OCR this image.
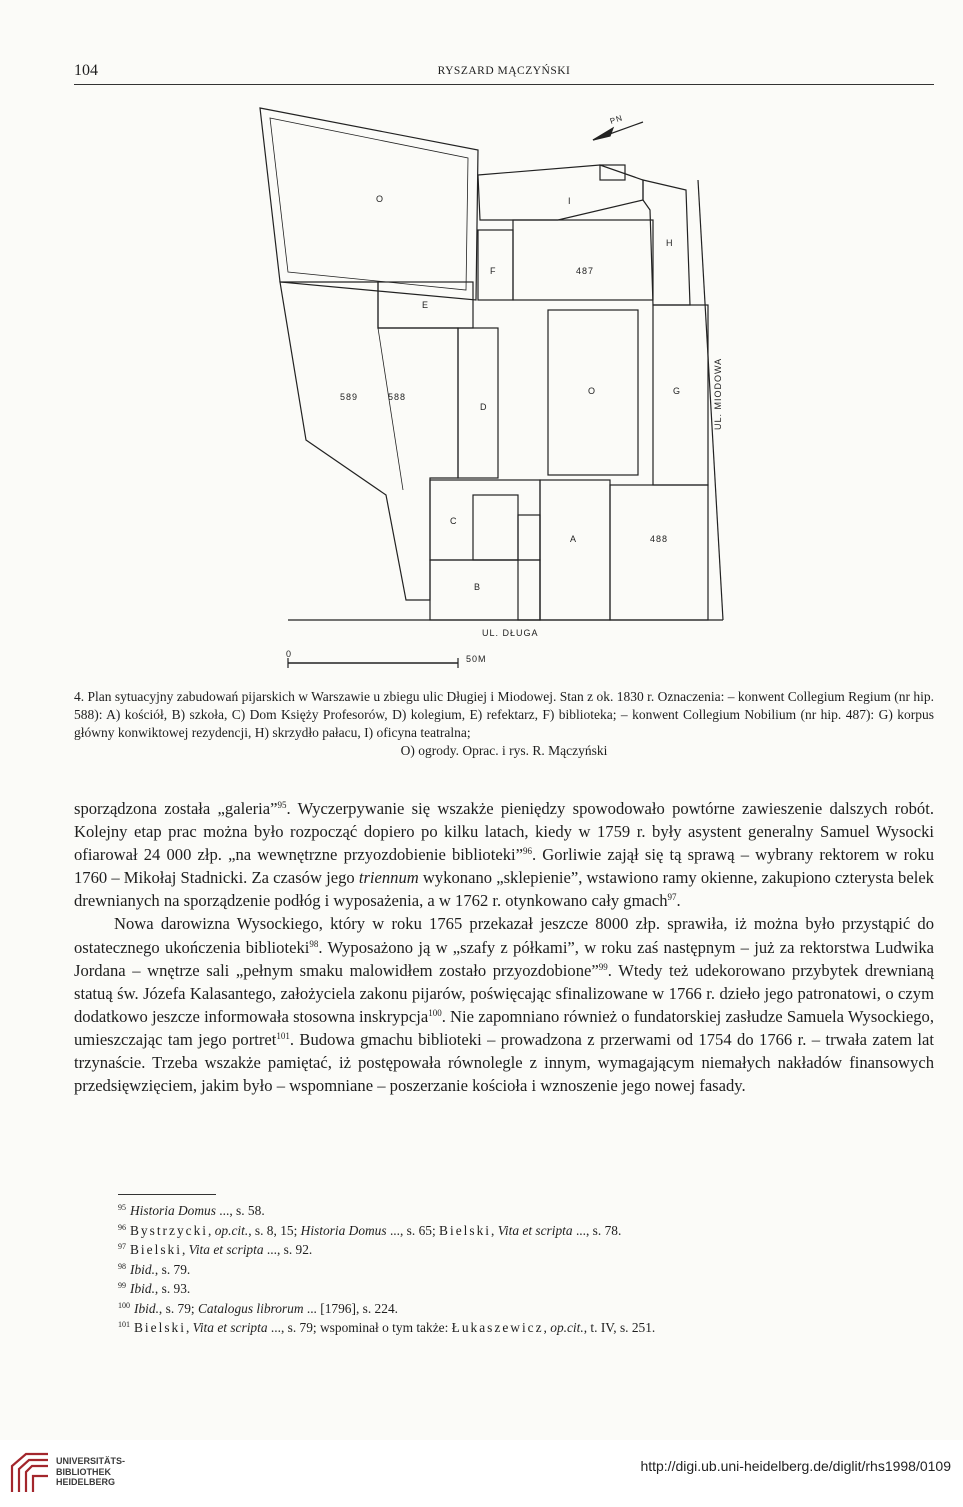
104	RYSZARD MĄCZYŃSKI
PN
O	I
H
F	487
E
589	588
D
O	G
C
A	488
B
UL. MIODOWA
UL. DŁUGA
0	50M
4. Plan sytuacyjny zabudowań pijarskich w Warszawie u zbiegu ulic Długiej i Miodowej. Stan z ok. 1830 r. Oznaczenia: – konwent Collegium Regium (nr hip. 588): A) kościół, B) szkoła, C) Dom Księży Profesorów, D) kolegium, E) refektarz, F) biblioteka; – konwent Collegium Nobilium (nr hip. 487): G) korpus główny konwiktowej rezydencji, H) skrzydło pałacu, I) oficyna teatralna;
O) ogrody. Oprac. i rys. R. Mączyński

sporządzona została „galeria”$^{95}$. Wyczerpywanie się wszakże pieniędzy spowodowało powtórne zawieszenie dalszych robót. Kolejny etap prac można było rozpocząć dopiero po kilku latach, kiedy w 1759 r. były asystent generalny Samuel Wysocki ofiarował 24 000 złp. „na wewnętrzne przyozdobienie biblioteki”$^{96}$. Gorliwie zajął się tą sprawą – wybrany rektorem w roku 1760 – Mikołaj Stadnicki. Za czasów jego triennum wykonano „sklepienie”, wstawiono ramy okienne, zakupiono czterysta belek drewnianych na sporządzenie podłóg i wyposażenia, a w 1762 r. otynkowano cały gmach$^{97}$.

Nowa darowizna Wysockiego, który w roku 1765 przekazał jeszcze 8000 złp. sprawiła, iż można było przystąpić do ostatecznego ukończenia biblioteki$^{98}$. Wyposażono ją w „szafy z półkami”, w roku zaś następnym – już za rektorstwa Ludwika Jordana – wnętrze sali „pełnym smaku malowidłem zostało przyozdobione”$^{99}$. Wtedy też udekorowano przybytek drewnianą statuą św. Józefa Kalasantego, założyciela zakonu pijarów, poświęcając sfinalizowane w 1766 r. dzieło jego patronatowi, o czym dodatkowo jeszcze informowała stosowna inskrypcja$^{100}$. Nie zapomniano również o fundatorskiej zasłudze Samuela Wysockiego, umieszczając tam jego portret$^{101}$. Budowa gmachu biblioteki – prowadzona z przerwami od 1754 do 1766 r. – trwała zatem lat trzynaście. Trzeba wszakże pamiętać, iż postępowała równolegle z innym, wymagającym niemałych nakładów finansowych przedsięwzięciem, jakim było – wspomniane – poszerzanie kościoła i wznoszenie jego nowej fasady.

$^{95}$ Historia Domus ..., s. 58.
$^{96}$ Bystrzycki, op.cit., s. 8, 15; Historia Domus ..., s. 65; Bielski, Vita et scripta ..., s. 78.
$^{97}$ Bielski, Vita et scripta ..., s. 92.
$^{98}$ Ibid., s. 79.
$^{99}$ Ibid., s. 93.
$^{100}$ Ibid., s. 79; Catalogus librorum ... [1796], s. 224.
$^{101}$ Bielski, Vita et scripta ..., s. 79; wspominał o tym także: Łukaszewicz, op.cit., t. IV, s. 251.
UNIVERSITÄTS-
BIBLIOTHEK
HEIDELBERG
http://digi.ub.uni-heidelberg.de/diglit/rhs1998/0109
